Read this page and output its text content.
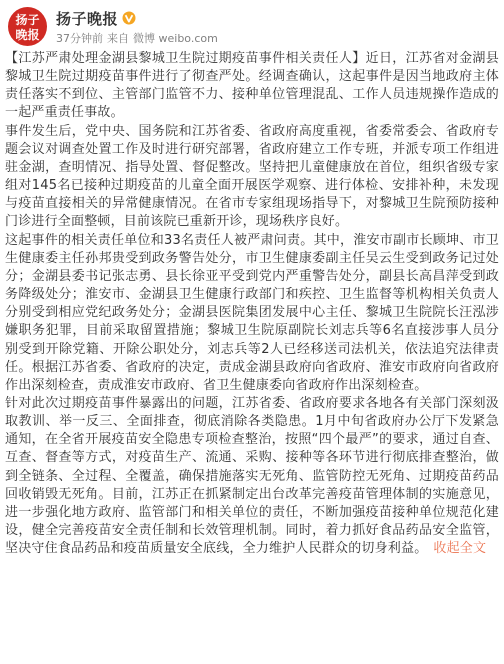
扬子
晚报
扬子晚报
37分钟前 来自 微博 weibo.com
【江苏严肃处理金湖县黎城卫生院过期疫苗事件相关责任人】近日，江苏省对金湖县黎城卫生院过期疫苗事件进行了彻查严处。经调查确认，这起事件是因当地政府主体责任落实不到位、主管部门监管不力、接种单位管理混乱、工作人员违规操作造成的一起严重责任事故。
事件发生后，党中央、国务院和江苏省委、省政府高度重视，省委常委会、省政府专题会议对调查处置工作及时进行研究部署，省政府建立工作专班，并派专项工作组进驻金湖，查明情况、指导处置、督促整改。坚持把儿童健康放在首位，组织省级专家组对145名已接种过期疫苗的儿童全面开展医学观察、进行体检、安排补种，未发现与疫苗直接相关的异常健康情况。在省市专家组现场指导下，对黎城卫生院预防接种门诊进行全面整顿，目前该院已重新开诊，现场秩序良好。
这起事件的相关责任单位和33名责任人被严肃问责。其中，淮安市副市长顾坤、市卫生健康委主任孙邦贵受到政务警告处分，市卫生健康委副主任吴云生受到政务记过处分；金湖县委书记张志勇、县长徐亚平受到党内严重警告处分，副县长高昌萍受到政务降级处分；淮安市、金湖县卫生健康行政部门和疾控、卫生监督等机构相关负责人分别受到相应党纪政务处分；金湖县医院集团发展中心主任、黎城卫生院院长汪泓涉嫌职务犯罪，目前采取留置措施；黎城卫生院原副院长刘志兵等6名直接涉事人员分别受到开除党籍、开除公职处分，刘志兵等2人已经移送司法机关，依法追究法律责任。根据江苏省委、省政府的决定，责成金湖县政府向省政府、淮安市政府向省政府作出深刻检查，责成淮安市政府、省卫生健康委向省政府作出深刻检查。
针对此次过期疫苗事件暴露出的问题，江苏省委、省政府要求各地各有关部门深刻汲取教训、举一反三、全面排查，彻底消除各类隐患。1月中旬省政府办公厅下发紧急通知，在全省开展疫苗安全隐患专项检查整治，按照“四个最严”的要求，通过自查、互查、督查等方式，对疫苗生产、流通、采购、接种等各环节进行彻底排查整治，做到全链条、全过程、全覆盖，确保措施落实无死角、监管防控无死角、过期疫苗药品回收销毁无死角。目前，江苏正在抓紧制定出台改革完善疫苗管理体制的实施意见，进一步强化地方政府、监管部门和相关单位的责任，不断加强疫苗接种单位规范化建设，健全完善疫苗安全责任制和长效管理机制。同时，着力抓好食品药品安全监管，坚决守住食品药品和疫苗质量安全底线，全力维护人民群众的切身利益。 收起全文
